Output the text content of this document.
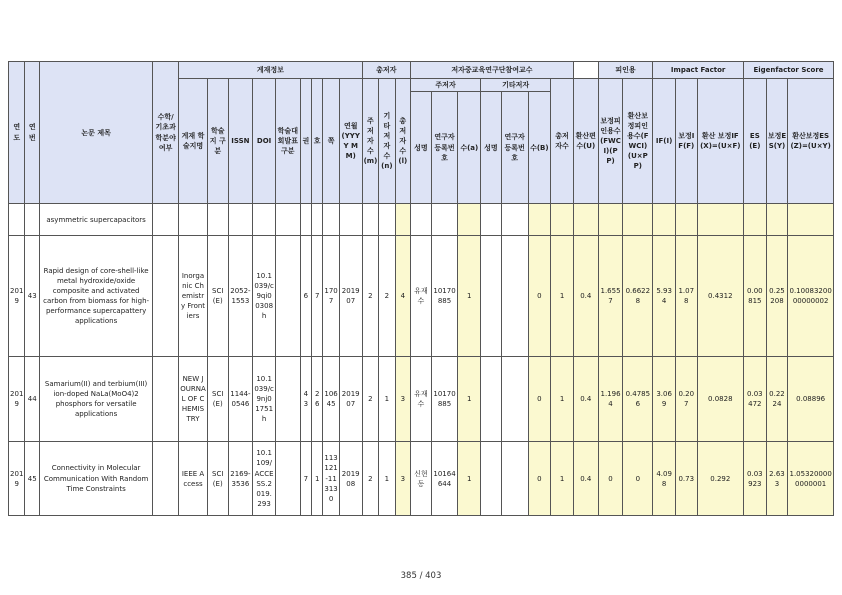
연도	연번	논문 제목	수학/기초과학분야여부	게재정보									총저자			저자중교육연구단참여교수								피인용		Impact Factor			Eigenfactor Score		
				게재 학술지명	학술지 구분	ISSN	DOI	학술대회발표 구분	권	호	쪽	연월(YYYY MM)	주저자수(m)	기타저자수(n)	총저자수(l)	주저자			기타저자			총저자수	환산편수(U)	보정피인용수(FWCI)(PP)	환산보정피인용수(FWCI)(U×PP)	IF(I)	보정IF(F)	환산 보정IF(X)=(U×F)	ES(E)	보정ES(Y)	환산보정ES(Z)=(U×Y)
																성명	연구자등록번호	수(a)	성명	연구자등록번호	수(B)										
		asymmetric supercapacitors																													
2019	43	Rapid design of core-shell-like metal hydroxide/oxide composite and activated carbon from biomass for high-performance supercapattery applications		Inorganic Chemistry Frontiers	SCI(E)	2052-1553	10.1039/c9qi00308h		6	7	1707	2019 07	2	2	4	유재수	10170885	1			0	1	0.4	1.6557	0.66228	5.934	1.078	0.4312	0.00815	0.25208	0.1008320000000002
2019	44	Samarium(II) and terbium(III) ion-doped NaLa(MoO4)2 phosphors for versatile applications		NEW JOURNAL OF CHEMISTRY	SCI(E)	1144-0546	10.1039/c9nj01751h		43	26	10645	2019 07	2	1	3	유재수	10170885	1			0	1	0.4	1.1964	0.47856	3.069	0.207	0.0828	0.03472	0.2224	0.08896
2019	45	Connectivity in Molecular Communication With Random Time Constraints		IEEE Access	SCI(E)	2169-3536	10.1109/ACCESS.2019.293		7	1	113121-113130	2019 08	2	1	3	신현동	10164644	1			0	1	0.4	0	0	4.098	0.73	0.292	0.03923	2.633	1.053200000000001
385 / 403
